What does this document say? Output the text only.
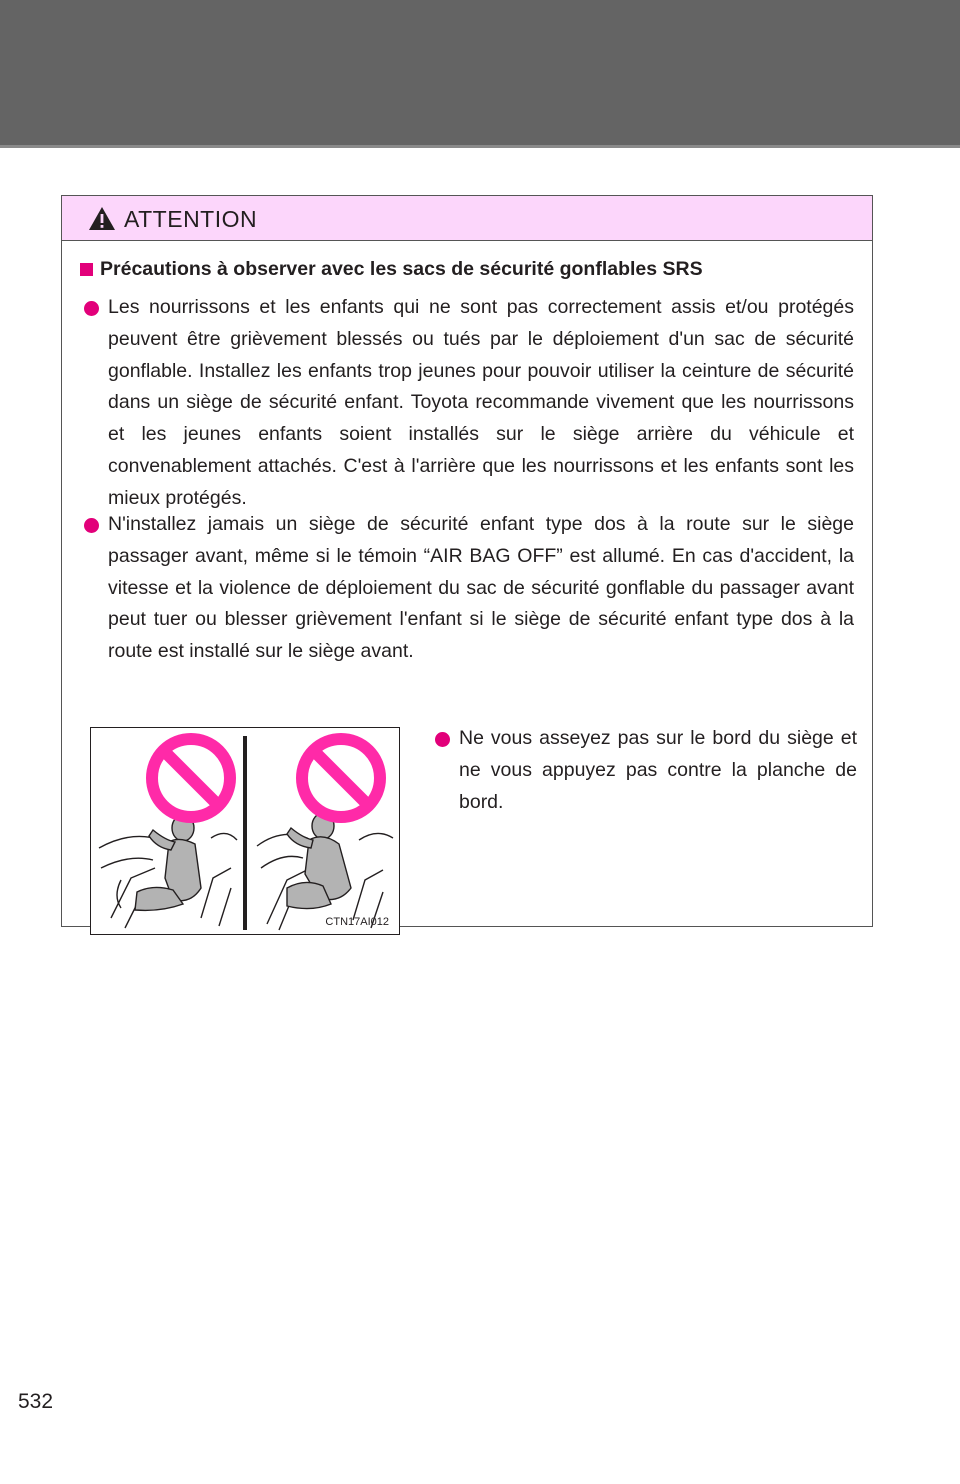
ATTENTION
Précautions à observer avec les sacs de sécurité gonflables SRS
Les nourrissons et les enfants qui ne sont pas correctement assis et/ou protégés peuvent être grièvement blessés ou tués par le déploiement d'un sac de sécurité gonflable. Installez les enfants trop jeunes pour pouvoir utiliser la ceinture de sécurité dans un siège de sécurité enfant. Toyota recommande vivement que les nourrissons et les jeunes enfants soient installés sur le siège arrière du véhicule et convenablement attachés. C'est à l'arrière que les nourrissons et les enfants sont les mieux protégés.
N'installez jamais un siège de sécurité enfant type dos à la route sur le siège passager avant, même si le témoin “AIR BAG OFF” est allumé. En cas d'accident, la vitesse et la violence de déploiement du sac de sécurité gonflable du passager avant peut tuer ou blesser grièvement l'enfant si le siège de sécurité enfant type dos à la route est installé sur le siège avant.
CTN17AI012
Ne vous asseyez pas sur le bord du siège et ne vous appuyez pas contre la planche de bord.
532
